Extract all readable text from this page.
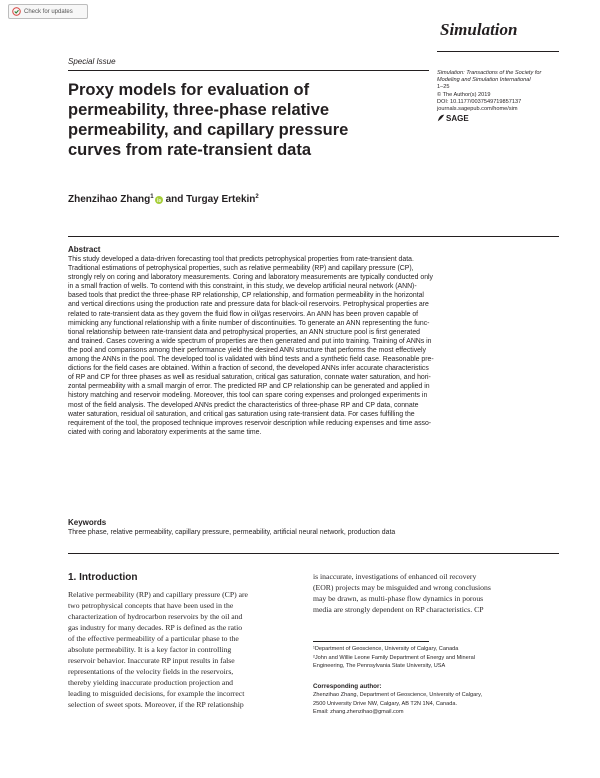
Check for updates
Simulation
Special Issue
Proxy models for evaluation of
permeability, three-phase relative
permeability, and capillary pressure
curves from rate-transient data
Simulation: Transactions of the Society for
Modeling and Simulation International
1–25
© The Author(s) 2019
DOI: 10.1177/0037549719857137
journals.sagepub.com/home/sim
SAGE
Zhenzihao Zhang$^1$ and Turgay Ertekin$^2$
Abstract
This study developed a data-driven forecasting tool that predicts petrophysical properties from rate-transient data.
Traditional estimations of petrophysical properties, such as relative permeability (RP) and capillary pressure (CP),
strongly rely on coring and laboratory measurements. Coring and laboratory measurements are typically conducted only
in a small fraction of wells. To contend with this constraint, in this study, we develop artificial neural network (ANN)-
based tools that predict the three-phase RP relationship, CP relationship, and formation permeability in the horizontal
and vertical directions using the production rate and pressure data for black-oil reservoirs. Petrophysical properties are
related to rate-transient data as they govern the fluid flow in oil/gas reservoirs. An ANN has been proven capable of
mimicking any functional relationship with a finite number of discontinuities. To generate an ANN representing the func-
tional relationship between rate-transient data and petrophysical properties, an ANN structure pool is first generated
and trained. Cases covering a wide spectrum of properties are then generated and put into training. Training of ANNs in
the pool and comparisons among their performance yield the desired ANN structure that performs the most effectively
among the ANNs in the pool. The developed tool is validated with blind tests and a synthetic field case. Reasonable pre-
dictions for the field cases are obtained. Within a fraction of second, the developed ANNs infer accurate characteristics
of RP and CP for three phases as well as residual saturation, critical gas saturation, connate water saturation, and hori-
zontal permeability with a small margin of error. The predicted RP and CP relationship can be generated and applied in
history matching and reservoir modeling. Moreover, this tool can spare coring expenses and prolonged experiments in
most of the field analysis. The developed ANNs predict the characteristics of three-phase RP and CP data, connate
water saturation, residual oil saturation, and critical gas saturation using rate-transient data. For cases fulfilling the
requirement of the tool, the proposed technique improves reservoir description while reducing expenses and time asso-
ciated with coring and laboratory experiments at the same time.
Keywords
Three phase, relative permeability, capillary pressure, permeability, artificial neural network, production data
1. Introduction
Relative permeability (RP) and capillary pressure (CP) are
two petrophysical concepts that have been used in the
characterization of hydrocarbon reservoirs by the oil and
gas industry for many decades. RP is defined as the ratio
of the effective permeability of a particular phase to the
absolute permeability. It is a key factor in controlling
reservoir behavior. Inaccurate RP input results in false
representations of the velocity fields in the reservoirs,
thereby yielding inaccurate production projection and
leading to misguided decisions, for example the incorrect
selection of sweet spots. Moreover, if the RP relationship
is inaccurate, investigations of enhanced oil recovery
(EOR) projects may be misguided and wrong conclusions
may be drawn, as multi-phase flow dynamics in porous
media are strongly dependent on RP characteristics. CP
¹Department of Geoscience, University of Calgary, Canada
²John and Willie Leone Family Department of Energy and Mineral
Engineering, The Pennsylvania State University, USA
Corresponding author:
Zhenzihao Zhang, Department of Geoscience, University of Calgary,
2500 University Drive NW, Calgary, AB T2N 1N4, Canada.
Email: zhang.zhenzihao@gmail.com
